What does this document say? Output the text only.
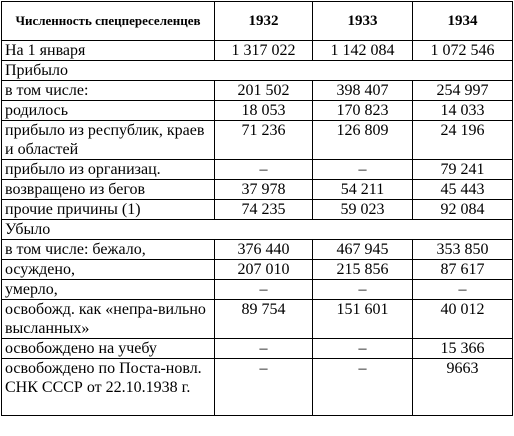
Численность спецпереселенцев	1932	1933	1934
На 1 января	1 317 022	1 142 084	1 072 546
Прибыло			
в том числе:	201 502	398 407	254 997
родилось	18 053	170 823	14 033
прибыло из республик, краев и областей	71 236	126 809	24 196
прибыло из организац.	–	–	79 241
возвращено из бегов	37 978	54 211	45 443
прочие причины (1)	74 235	59 023	92 084
Убыло			
в том числе: бежало,	376 440	467 945	353 850
осуждено,	207 010	215 856	87 617
умерло,	–	–	–
освобожд. как «непра-вильно высланных»	89 754	151 601	40 012
освобождено на учебу	–	–	15 366
освобождено по Поста-новл. СНК СССР от 22.10.1938 г.	–	–	9663
